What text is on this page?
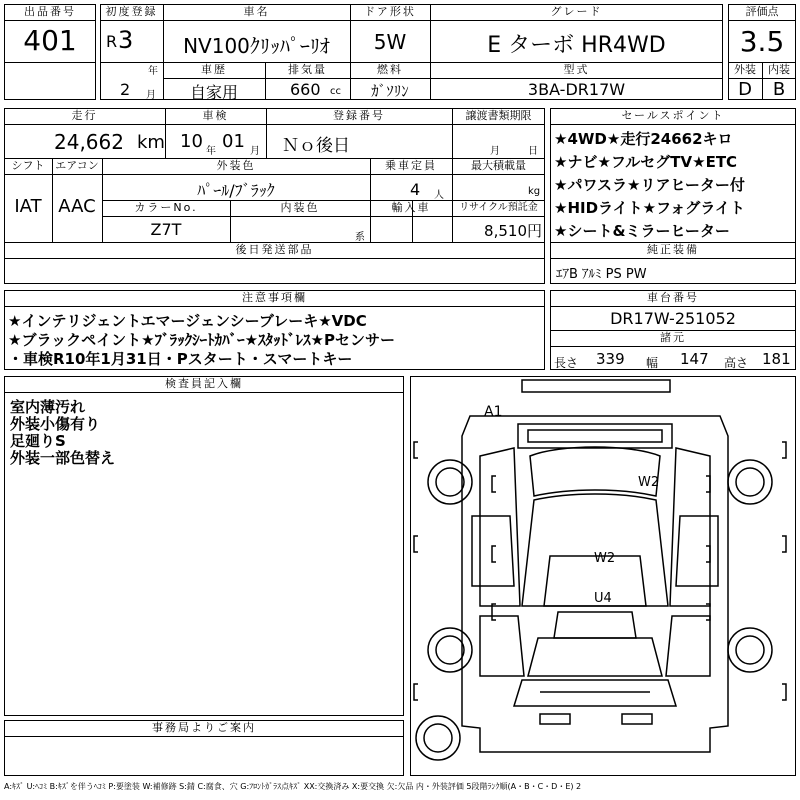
出品番号
401
初度登録
R 3
年
2 月
車名
NV100ｸﾘｯﾊﾟｰﾘｵ
ドア形状
5W
グレード
E ターボ HR4WD
車歴
自家用
排気量
660 cc
燃料
ｶﾞｿﾘﾝ
型式
3BA-DR17W
評価点
3.5
外装	内装
D	B
走行
24,662 km
車検
10 年 01 月
登録番号
Ｎｏ後日
譲渡書類期限
月	日
シフト
IAT
エアコン
AAC
外装色
ﾊﾟｰﾙ/ﾌﾞﾗｯｸ
乗車定員
4 人
最大積載量
kg
カラーNo.
Z7T
内装色
系
輸入車	リサイクル預託金
8,510円
後日発送部品
セールスポイント
★4WD★走行24662キロ
★ナビ★フルセグTV★ETC
★パワスラ★リアヒーター付
★HIDライト★フォグライト
★シート&ミラーヒーター
純正装備
ｴｱB ｱﾙﾐ PS PW
注意事項欄
★インテリジェントエマージェンシーブレーキ★VDC
★ブラックペイント★ﾌﾞﾗｯｸｼｰﾄｶﾊﾞｰ★ｽﾀｯﾄﾞﾚｽ★Pセンサー
・車検R10年1月31日・Pスタート・スマートキー
車台番号
DR17W-251052
諸元
長さ 339 幅 147 高さ 181
検査員記入欄
室内薄汚れ
外装小傷有り
足廻りS
外装一部色替え
事務局よりご案内
A1
W2
W2
U4
A:ｷｽﾞ U:ﾍｺﾐ B:ｷｽﾞを伴うﾍｺﾐ P:要塗装 W:補修跡 S:錆 C:腐食、穴 G:ﾌﾛﾝﾄｶﾞﾗｽ点ｷｽﾞ XX:交換済み X:要交換 欠:欠品 内・外装評価 5段階ﾗﾝｸ順(A・B・C・D・E) 2
